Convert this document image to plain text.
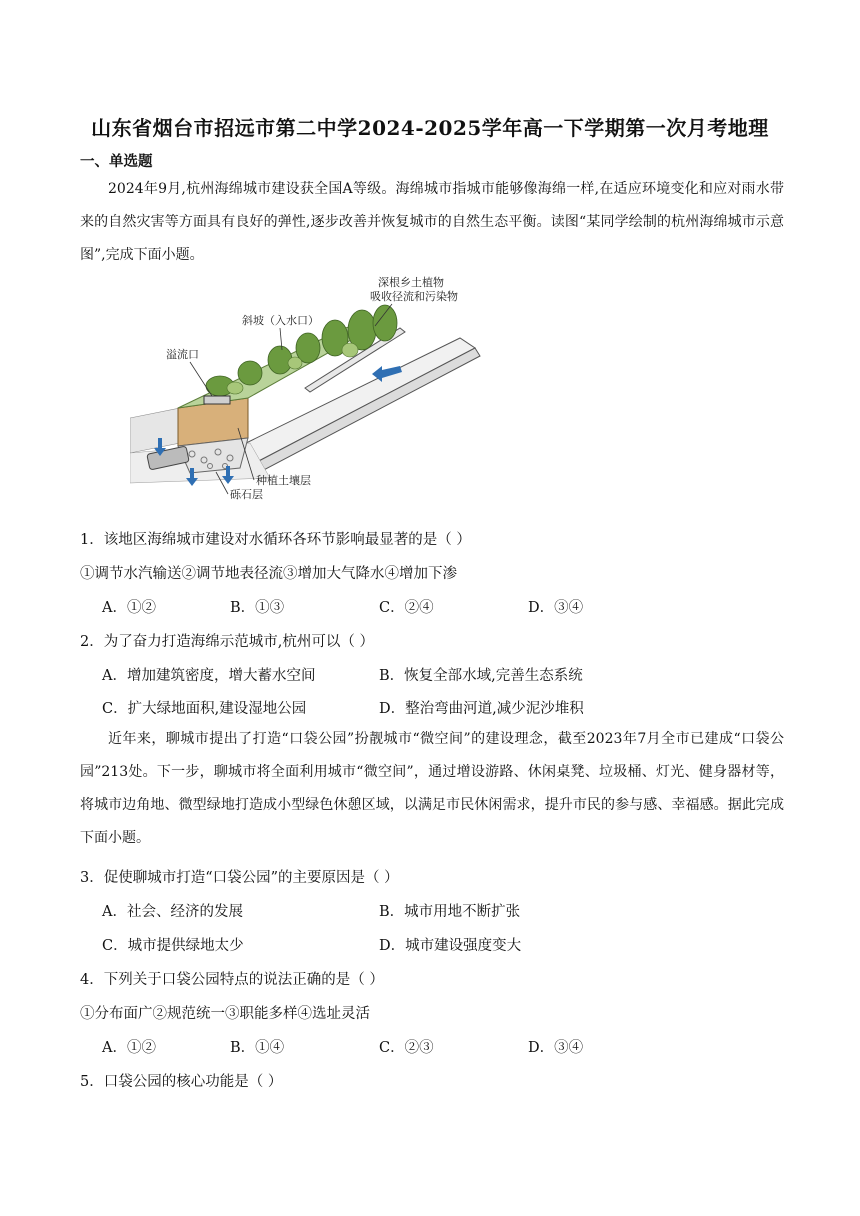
山东省烟台市招远市第二中学2024-2025学年高一下学期第一次月考地理
一、单选题
2024年9月,杭州海绵城市建设获全国A等级。海绵城市指城市能够像海绵一样,在适应环境变化和应对雨水带来的自然灾害等方面具有良好的弹性,逐步改善并恢复城市的自然生态平衡。读图“某同学绘制的杭州海绵城市示意图”,完成下面小题。
深根乡土植物
吸收径流和污染物
斜坡（入水口）
溢流口
种植土壤层
砾石层
1．该地区海绵城市建设对水循环各环节影响最显著的是（ ）
①调节水汽输送②调节地表径流③增加大气降水④增加下渗
A．①②	B．①③	C．②④	D．③④
2．为了奋力打造海绵示范城市,杭州可以（ ）
A．增加建筑密度，增大蓄水空间	B．恢复全部水域,完善生态系统
C．扩大绿地面积,建设湿地公园	D．整治弯曲河道,减少泥沙堆积
近年来，聊城市提出了打造“口袋公园”扮靓城市“微空间”的建设理念，截至2023年7月全市已建成“口袋公园”213处。下一步，聊城市将全面利用城市“微空间”，通过增设游路、休闲桌凳、垃圾桶、灯光、健身器材等，将城市边角地、微型绿地打造成小型绿色休憩区域，以满足市民休闲需求，提升市民的参与感、幸福感。据此完成下面小题。
3．促使聊城市打造“口袋公园”的主要原因是（ ）
A．社会、经济的发展	B．城市用地不断扩张
C．城市提供绿地太少	D．城市建设强度变大
4．下列关于口袋公园特点的说法正确的是（ ）
①分布面广②规范统一③职能多样④选址灵活
A．①②	B．①④	C．②③	D．③④
5．口袋公园的核心功能是（ ）
